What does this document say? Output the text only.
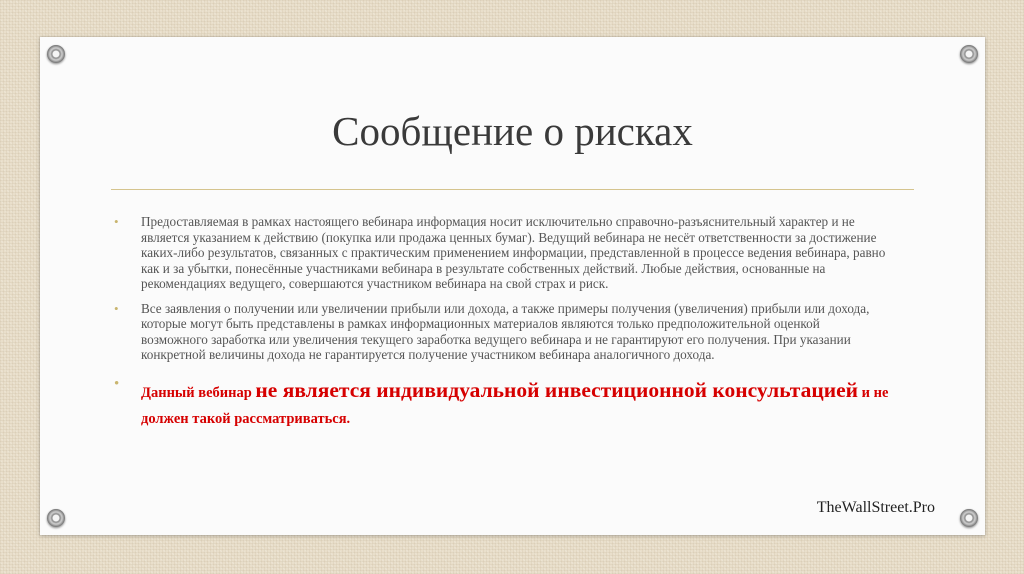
Сообщение о рисках
• Предоставляемая в рамках настоящего вебинара информация носит исключительно справочно-разъяснительный характер и не является указанием к действию (покупка или продажа ценных бумаг). Ведущий вебинара не несёт ответственности за достижение каких-либо результатов, связанных с практическим применением информации, представленной в процессе ведения вебинара, равно как и за убытки, понесённые участниками вебинара в результате собственных действий. Любые действия, основанные на рекомендациях ведущего, совершаются участником вебинара на свой страх и риск.
• Все заявления о получении или увеличении прибыли или дохода, а также примеры получения (увеличения) прибыли или дохода, которые могут быть представлены в рамках информационных материалов являются только предположительной оценкой возможного заработка или увеличения текущего заработка ведущего вебинара и не гарантируют его получения. При указании конкретной величины дохода не гарантируется получение участником вебинара аналогичного дохода.
•
Данный вебинар не является индивидуальной инвестиционной консультацией и не должен такой рассматриваться.
TheWallStreet.Pro
